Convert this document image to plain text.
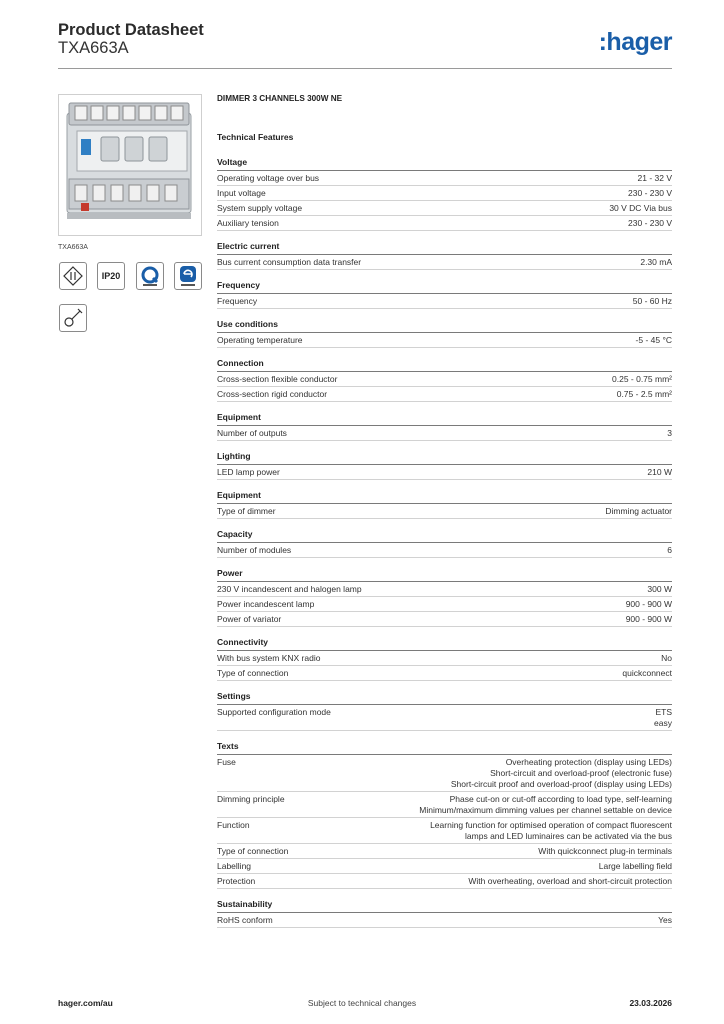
Product Datasheet
TXA663A	:hager
TXA663A
IP20
DIMMER 3 CHANNELS 300W NE
Technical Features
Voltage
Operating voltage over bus	21 - 32 V
Input voltage	230 - 230 V
System supply voltage	30 V DC Via bus
Auxiliary tension	230 - 230 V
Electric current
Bus current consumption data transfer	2.30 mA
Frequency
Frequency	50 - 60 Hz
Use conditions
Operating temperature	-5 - 45 °C
Connection
Cross-section flexible conductor	0.25 - 0.75 mm²
Cross-section rigid conductor	0.75 - 2.5 mm²
Equipment
Number of outputs	3
Lighting
LED lamp power	210 W
Equipment
Type of dimmer	Dimming actuator
Capacity
Number of modules	6
Power
230 V incandescent and halogen lamp	300 W
Power incandescent lamp	900 - 900 W
Power of variator	900 - 900 W
Connectivity
With bus system KNX radio	No
Type of connection	quickconnect
Settings
Supported configuration mode	ETS
easy
Texts
Fuse	Overheating protection (display using LEDs)
Short-circuit and overload-proof (electronic fuse)
Short-circuit proof and overload-proof (display using LEDs)
Dimming principle	Phase cut-on or cut-off according to load type, self-learning
Minimum/maximum dimming values per channel settable on device
Function	Learning function for optimised operation of compact fluorescent
lamps and LED luminaires can be activated via the bus
Type of connection	With quickconnect plug-in terminals
Labelling	Large labelling field
Protection	With overheating, overload and short-circuit protection
Sustainability
RoHS conform	Yes
Subject to technical changes
hager.com/au	23.03.2026
